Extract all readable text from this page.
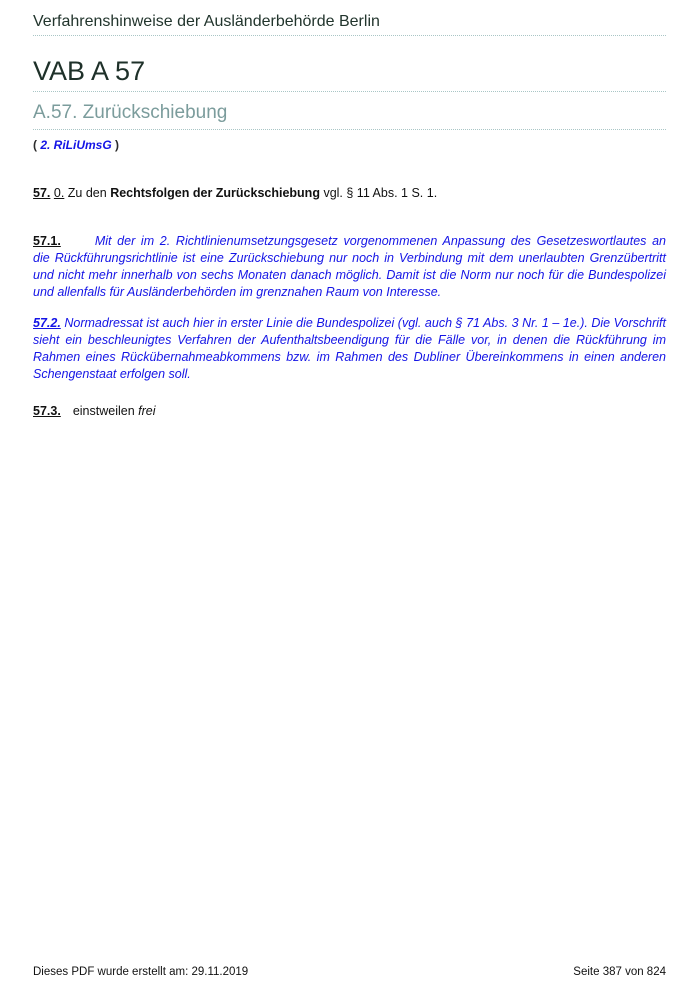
Verfahrenshinweise der Ausländerbehörde Berlin
VAB A 57
A.57. Zurückschiebung
( 2. RiLiUmsG )
57. 0. Zu den Rechtsfolgen der Zurückschiebung vgl. § 11 Abs. 1 S. 1.
57.1.	Mit der im 2. Richtlinienumsetzungsgesetz vorgenommenen Anpassung des Gesetzeswortlautes an die Rückführungsrichtlinie ist eine Zurückschiebung nur noch in Verbindung mit dem unerlaubten Grenzübertritt und nicht mehr innerhalb von sechs Monaten danach möglich. Damit ist die Norm nur noch für die Bundespolizei und allenfalls für Ausländerbehörden im grenznahen Raum von Interesse.
57.2. Normadressat ist auch hier in erster Linie die Bundespolizei (vgl. auch § 71 Abs. 3 Nr. 1 – 1e.). Die Vorschrift sieht ein beschleunigtes Verfahren der Aufenthaltsbeendigung für die Fälle vor, in denen die Rückführung im Rahmen eines Rückübernahmeabkommens bzw. im Rahmen des Dubliner Übereinkommens in einen anderen Schengenstaat erfolgen soll.
57.3. einstweilen frei
Dieses PDF wurde erstellt am: 29.11.2019	Seite 387 von 824
